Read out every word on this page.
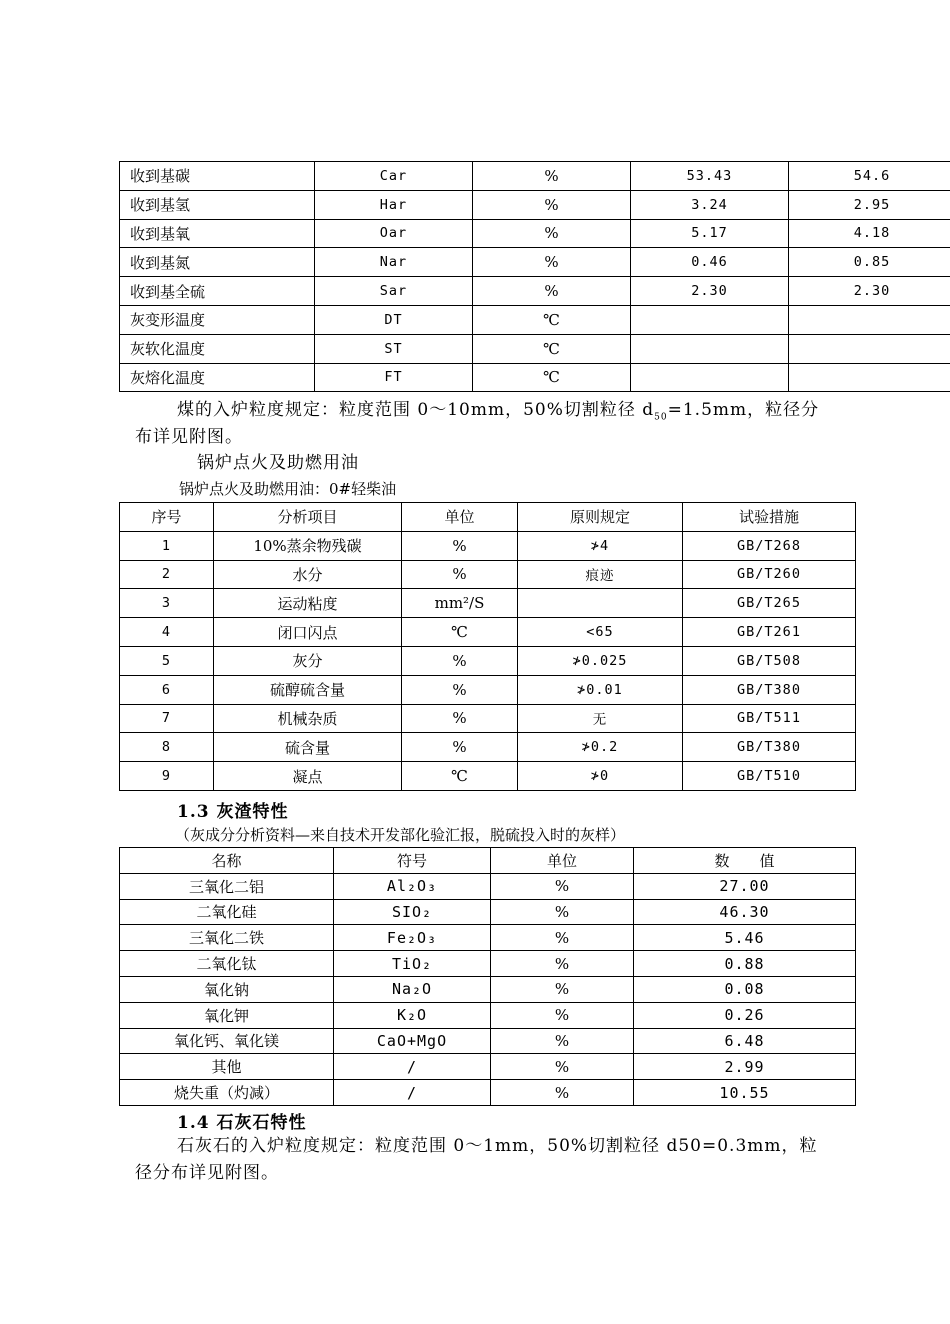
收到基碳	Car	%	53.43	54.6
收到基氢	Har	%	3.24	2.95
收到基氧	Oar	%	5.17	4.18
收到基氮	Nar	%	0.46	0.85
收到基全硫	Sar	%	2.30	2.30
灰变形温度	DT	℃		
灰软化温度	ST	℃		
灰熔化温度	FT	℃		
煤的入炉粒度规定：粒度范围 0～10mm，50%切割粒径 $d_{50}=1.5mm$，粒径分
布详见附图。
锅炉点火及助燃用油
锅炉点火及助燃用油：0#轻柴油
序号	分析项目	单位	原则规定	试验措施
1	10%蒸余物残碳	%	≯4	GB/T268
2	水分	%	痕迹	GB/T260
3	运动粘度	mm²/S		GB/T265
4	闭口闪点	℃	<65	GB/T261
5	灰分	%	≯0.025	GB/T508
6	硫醇硫含量	%	≯0.01	GB/T380
7	机械杂质	%	无	GB/T511
8	硫含量	%	≯0.2	GB/T380
9	凝点	℃	≯0	GB/T510
1.3 灰渣特性
（灰成分分析资料—来自技术开发部化验汇报，脱硫投入时的灰样）
名称	符号	单位	数　　值
三氧化二铝	Al₂O₃	%	27.00
二氧化硅	SIO₂	%	46.30
三氧化二铁	Fe₂O₃	%	5.46
二氧化钛	TiO₂	%	0.88
氧化钠	Na₂O	%	0.08
氧化钾	K₂O	%	0.26
氧化钙、氧化镁	CaO+MgO	%	6.48
其他	/	%	2.99
烧失重（灼减）	/	%	10.55
1.4 石灰石特性
石灰石的入炉粒度规定：粒度范围 0～1mm，50%切割粒径 d50=0.3mm，粒
径分布详见附图。
